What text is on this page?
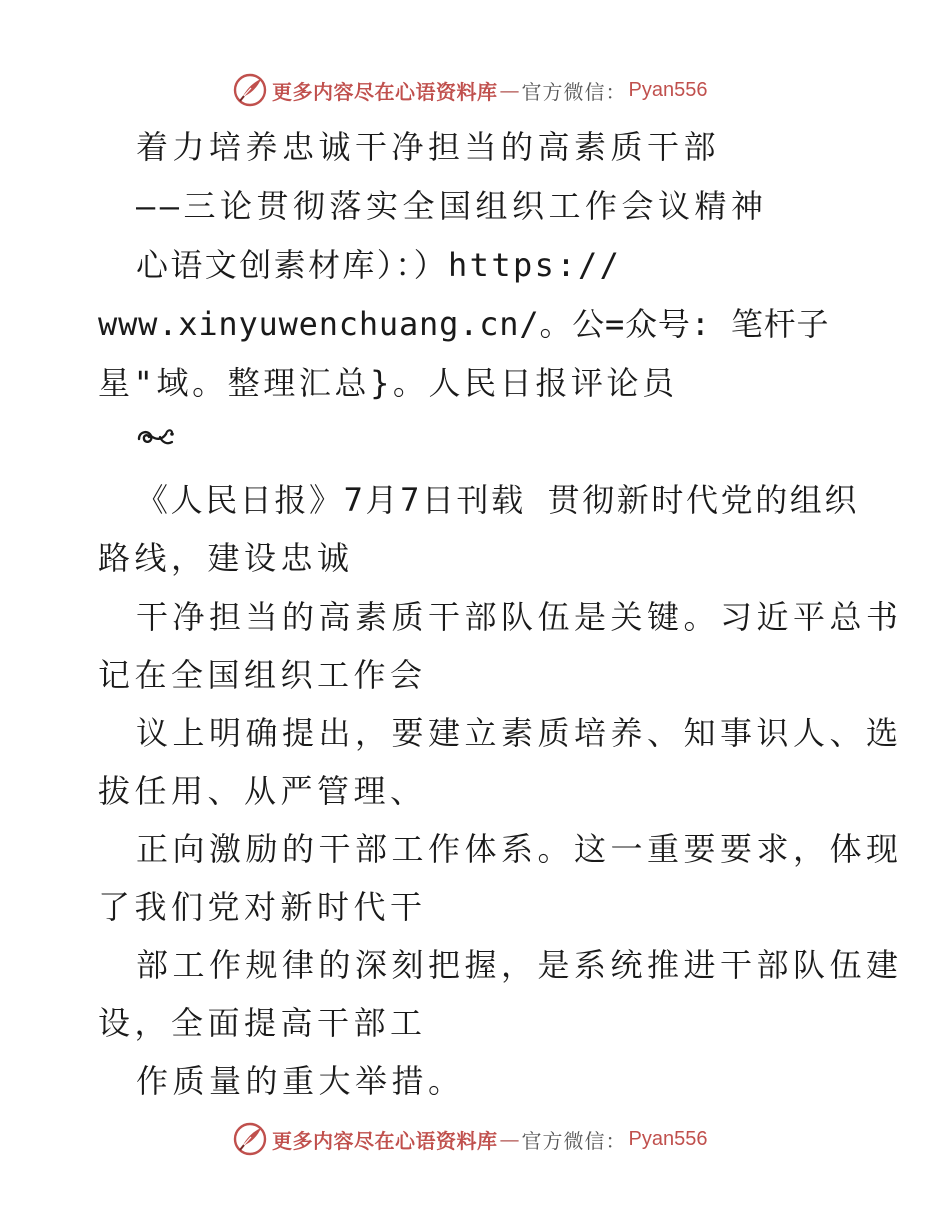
更多内容尽在心语资料库 — 官方微信： Pyan556
着力培养忠诚干净担当的高素质干部
——三论贯彻落实全国组织工作会议精神
心语文创素材库）：）https://
www.xinyuwenchuang.cn/。公=众号: 笔杆子
星"域。整理汇总}。人民日报评论员
《人民日报》7月7日刊载 贯彻新时代党的组织
路线，建设忠诚
干净担当的高素质干部队伍是关键。习近平总书
记在全国组织工作会
议上明确提出，要建立素质培养、知事识人、选
拔任用、从严管理、
正向激励的干部工作体系。这一重要要求，体现
了我们党对新时代干
部工作规律的深刻把握，是系统推进干部队伍建
设，全面提高干部工
作质量的重大举措。
更多内容尽在心语资料库 — 官方微信： Pyan556
